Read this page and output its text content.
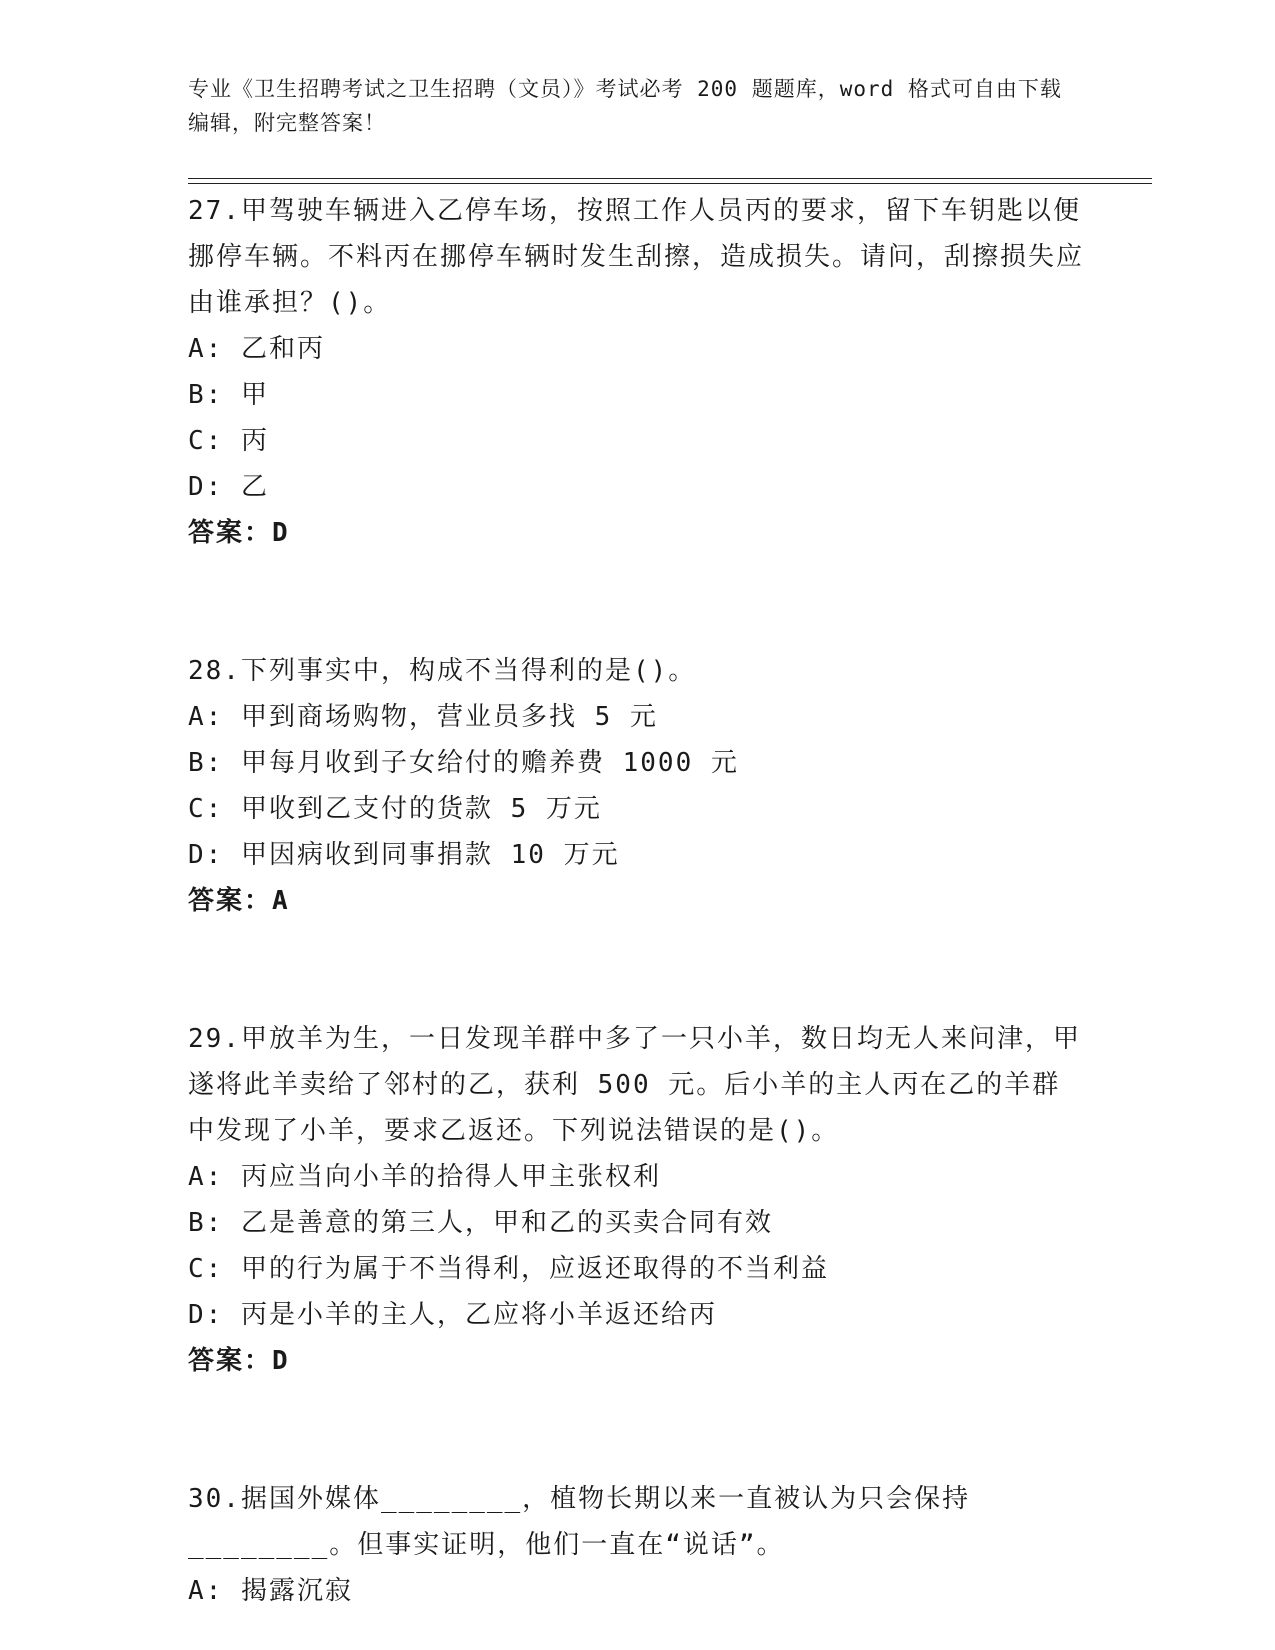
专业《卫生招聘考试之卫生招聘（文员）》考试必考 200 题题库，word 格式可自由下载编辑，附完整答案！

27.甲驾驶车辆进入乙停车场，按照工作人员丙的要求，留下车钥匙以便挪停车辆。不料丙在挪停车辆时发生刮擦，造成损失。请问，刮擦损失应由谁承担？()。

A: 乙和丙

B: 甲

C: 丙

D: 乙

答案：D

28.下列事实中，构成不当得利的是()。

A: 甲到商场购物，营业员多找 5 元

B: 甲每月收到子女给付的赡养费 1000 元

C: 甲收到乙支付的货款 5 万元

D: 甲因病收到同事捐款 10 万元

答案：A

29.甲放羊为生，一日发现羊群中多了一只小羊，数日均无人来问津，甲遂将此羊卖给了邻村的乙，获利 500 元。后小羊的主人丙在乙的羊群中发现了小羊，要求乙返还。下列说法错误的是()。

A: 丙应当向小羊的拾得人甲主张权利

B: 乙是善意的第三人，甲和乙的买卖合同有效

C: 甲的行为属于不当得利，应返还取得的不当利益

D: 丙是小羊的主人，乙应将小羊返还给丙

答案：D

30.据国外媒体________，植物长期以来一直被认为只会保持________。但事实证明，他们一直在“说话”。

A: 揭露沉寂
